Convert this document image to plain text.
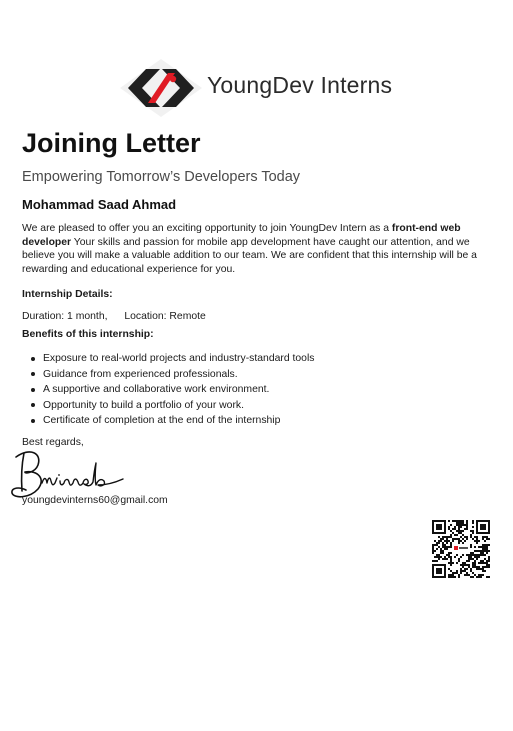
YoungDev Interns
Joining Letter
Empowering Tomorrow’s Developers Today
Mohammad Saad Ahmad
We are pleased to offer you an exciting opportunity to join YoungDev Intern as a front-end web developer Your skills and passion for mobile app development have caught our attention, and we believe you will make a valuable addition to our team. We are confident that this internship will be a rewarding and educational experience for you.
Internship Details:
Duration: 1 month, Location: Remote
Benefits of this internship:
Exposure to real-world projects and industry-standard tools
Guidance from experienced professionals.
A supportive and collaborative work environment.
Opportunity to build a portfolio of your work.
Certificate of completion at the end of the internship
Best regards,
youngdevinterns60@gmail.com
